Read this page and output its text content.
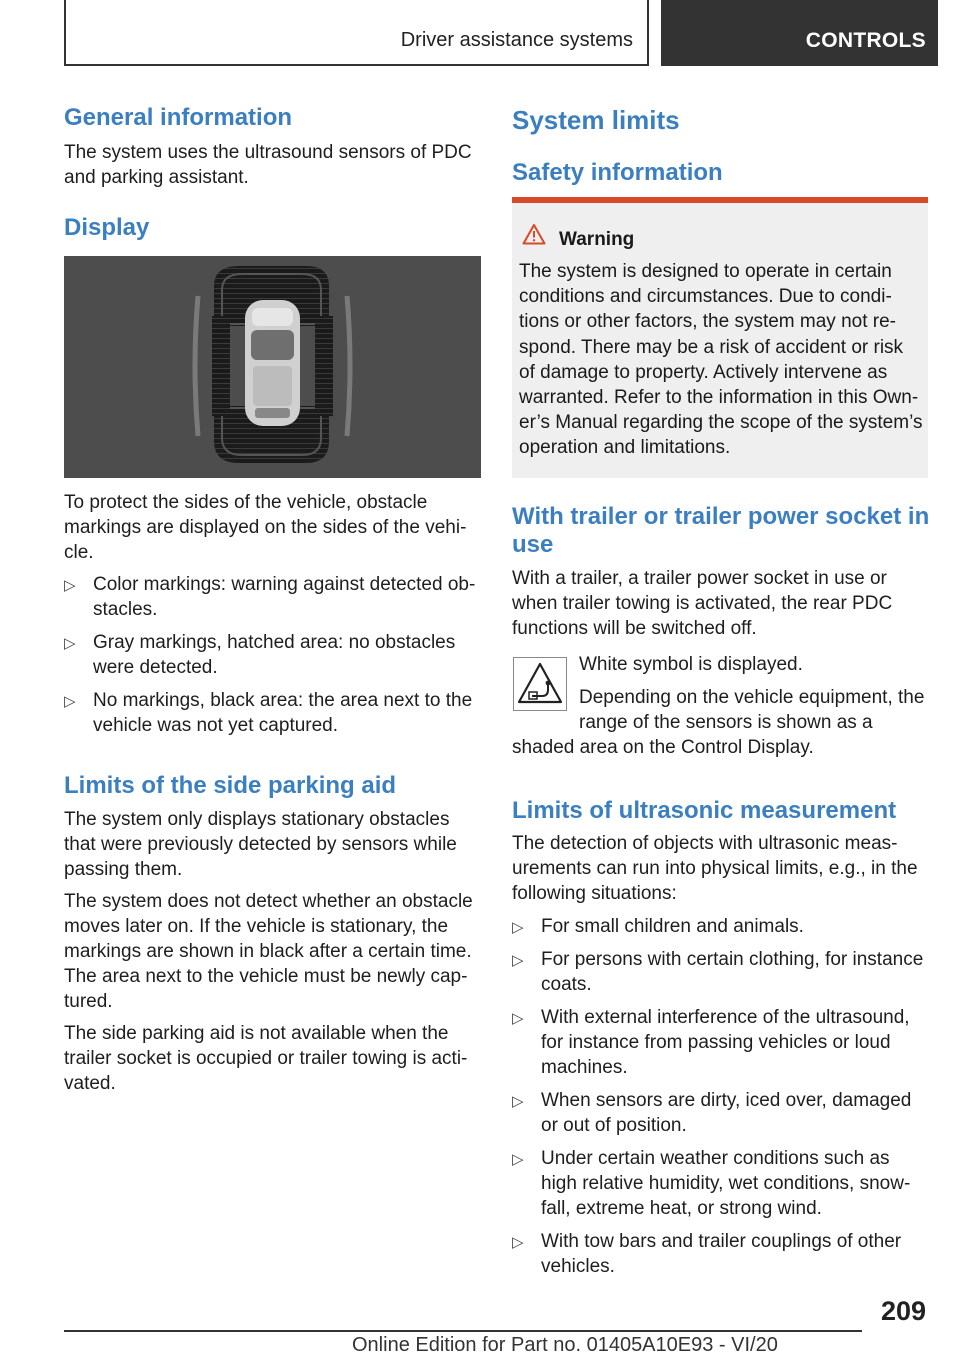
Driver assistance systems	CONTROLS
General information

The system uses the ultrasound sensors of PDC and parking assistant.

Display

To protect the sides of the vehicle, obstacle markings are displayed on the sides of the vehicle.

▷ Color markings: warning against detected obstacles.
▷ Gray markings, hatched area: no obstacles were detected.
▷ No markings, black area: the area next to the vehicle was not yet captured.
Limits of the side parking aid

The system only displays stationary obstacles that were previously detected by sensors while passing them.

The system does not detect whether an obstacle moves later on. If the vehicle is stationary, the markings are shown in black after a certain time. The area next to the vehicle must be newly captured.

The side parking aid is not available when the trailer socket is occupied or trailer towing is activated.

System limits
Safety information
Warning
The system is designed to operate in certain conditions and circumstances. Due to conditions or other factors, the system may not respond. There may be a risk of accident or risk of damage to property. Actively intervene as warranted. Refer to the information in this Owner’s Manual regarding the scope of the system’s operation and limitations.
With trailer or trailer power socket in use

With a trailer, a trailer power socket in use or when trailer towing is activated, the rear PDC functions will be switched off.

White symbol is displayed.

Depending on the vehicle equipment, the range of the sensors is shown as a

shaded area on the Control Display.

Limits of ultrasonic measurement

The detection of objects with ultrasonic measurements can run into physical limits, e.g., in the following situations:

▷ For small children and animals.
▷ For persons with certain clothing, for instance coats.
▷ With external interference of the ultrasound, for instance from passing vehicles or loud machines.
▷ When sensors are dirty, iced over, damaged or out of position.
▷ Under certain weather conditions such as high relative humidity, wet conditions, snowfall, extreme heat, or strong wind.
▷ With tow bars and trailer couplings of other vehicles.
209
Online Edition for Part no. 01405A10E93 - VI/20
